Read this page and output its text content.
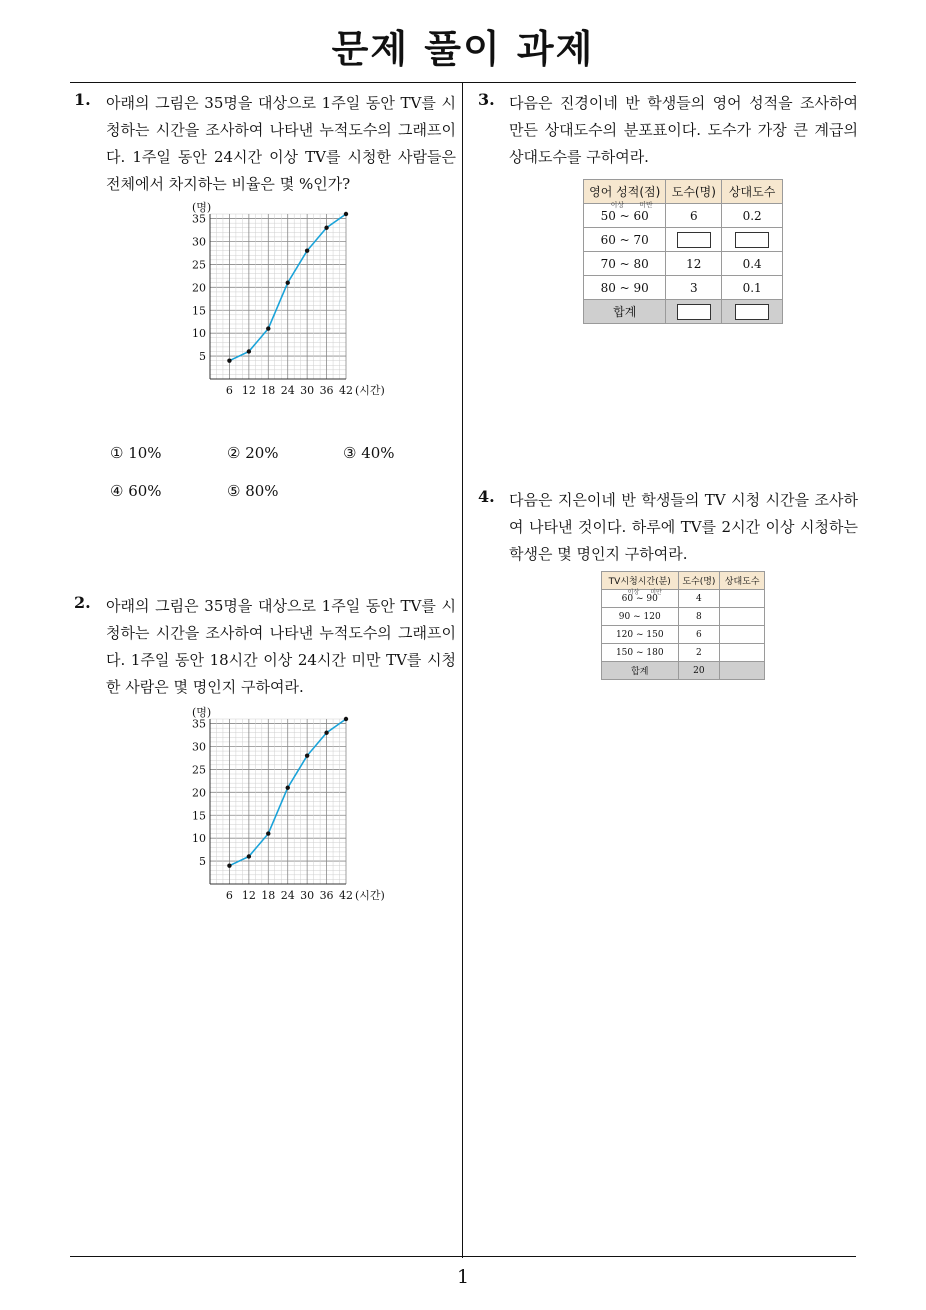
문제 풀이 과제
1
1. 아래의 그림은 35명을 대상으로 1주일 동안 TV를 시청하는 시간을 조사하여 나타낸 누적도수의 그래프이다. 1주일 동안 24시간 이상 TV를 시청한 사람들은 전체에서 차지하는 비율은 몇 %인가?
5
10
15
20
25
30
35
6 12 18 24 30 36 42
(명)
(시간)
① 10%	② 20%	③ 40%
④ 60%	⑤ 80%
2. 아래의 그림은 35명을 대상으로 1주일 동안 TV를 시청하는 시간을 조사하여 나타낸 누적도수의 그래프이다. 1주일 동안 18시간 이상 24시간 미만 TV를 시청한 사람은 몇 명인지 구하여라.
5
10
15
20
25
30
35
6 12 18 24 30 36 42
(명)
(시간)
3. 다음은 진경이네 반 학생들의 영어 성적을 조사하여 만든 상대도수의 분포표이다. 도수가 가장 큰 계급의 상대도수를 구하여라.
영어 성적(점)	도수(명)	상대도수

이상 미만
50 ~ 60	6	0.2
60 ~ 70		
70 ~ 80	12	0.4
80 ~ 90	3	0.1
합계		
4. 다음은 지은이네 반 학생들의 TV 시청 시간을 조사하여 나타낸 것이다. 하루에 TV를 2시간 이상 시청하는 학생은 몇 명인지 구하여라.
TV시청시간(분)	도수(명)	상대도수

이상 미만
60 ~ 90	4	
90 ~ 120	8	
120 ~ 150	6	
150 ~ 180	2	
합계	20	
